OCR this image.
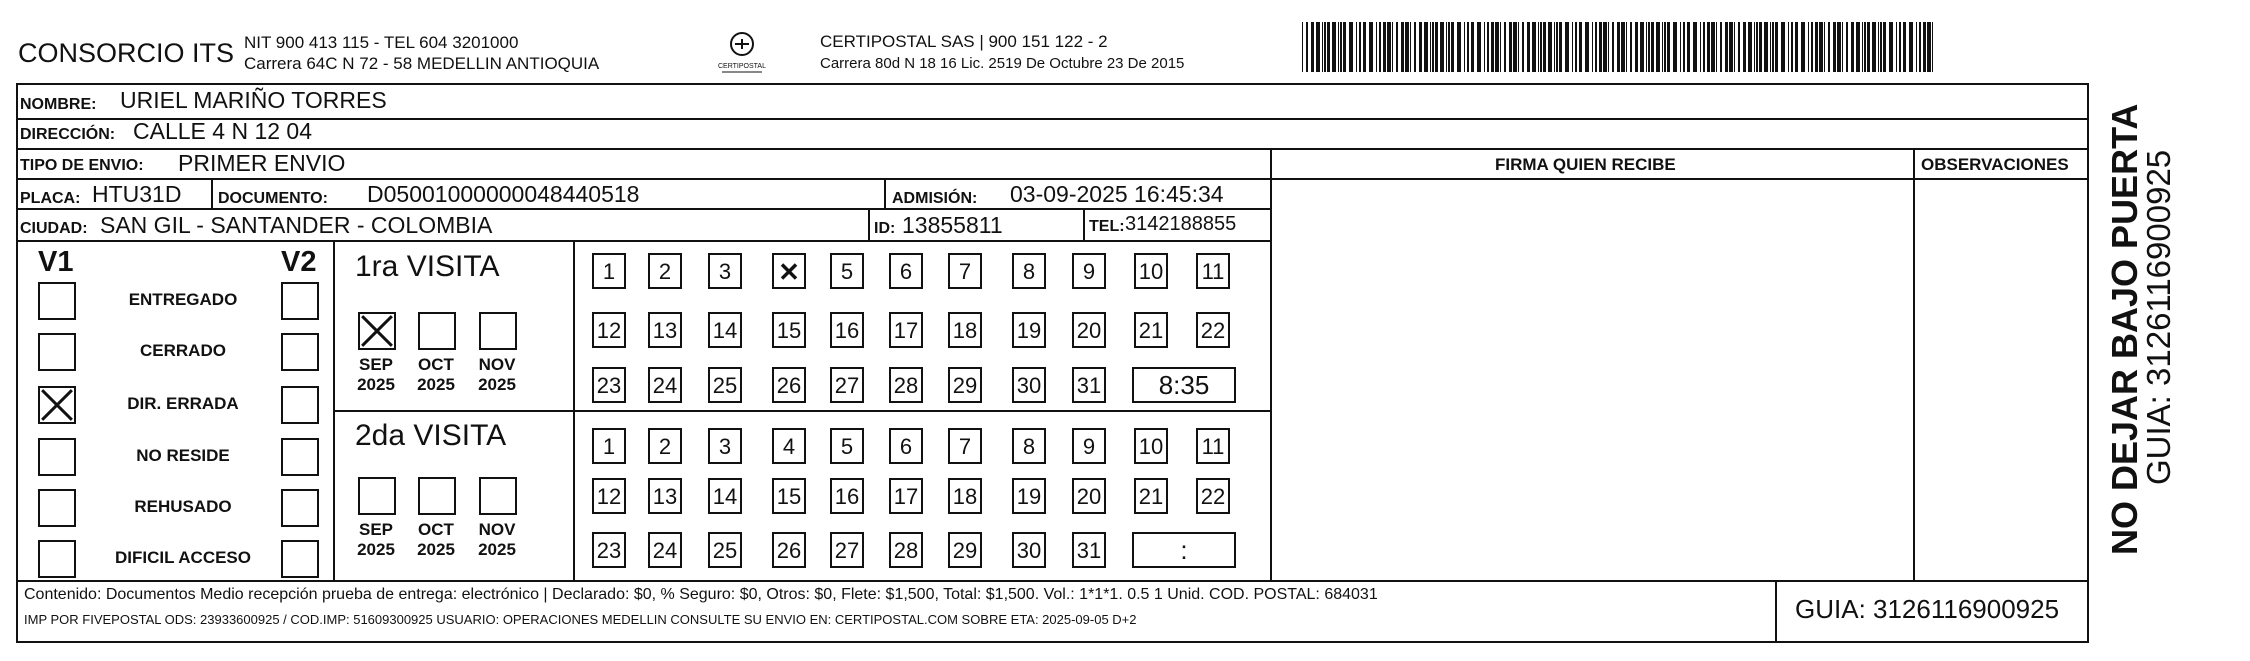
CONSORCIO ITS NIT 900 413 115 - TEL 604 3201000
Carrera 64C N 72 - 58 MEDELLIN ANTIOQUIA	CERTIPOSTAL
CERTIPOSTAL SAS | 900 151 122 - 2
Carrera 80d N 18 16 Lic. 2519 De Octubre 23 De 2015
NOMBRE: URIEL MARIÑO TORRES
DIRECCIÓN: CALLE 4 N 12 04
TIPO DE ENVIO: PRIMER ENVIO	FIRMA QUIEN RECIBE	OBSERVACIONES
PLACA: HTU31D DOCUMENTO: D05001000000048440518	ADMISIÓN: 03-09-2025 16:45:34
CIUDAD: SAN GIL - SANTANDER - COLOMBIA	ID: 13855811	TEL: 3142188855
V1	V2
ENTREGADO
CERRADO
DIR. ERRADA
NO RESIDE
REHUSADO
DIFICIL ACCESO
1ra VISITA
SEP
2025
OCT
2025
NOV
2025
1	2	3	✕	5	6	7	8	9	10 11
12 13 14 15 16 17 18 19 20 21 22
23 24 25 26 27 28 29 30 31	8:35
2da VISITA
SEP
2025
OCT
2025
NOV
2025
1	2	3	4	5	6	7	8	9	10 11
12 13 14 15 16 17 18 19 20 21 22
23 24 25 26 27 28 29 30 31	:
Contenido: Documentos Medio recepción prueba de entrega: electrónico | Declarado: $0, % Seguro: $0, Otros: $0, Flete: $1,500, Total: $1,500. Vol.: 1*1*1. 0.5 1 Unid. COD. POSTAL: 684031
IMP POR FIVEPOSTAL ODS: 23933600925 / COD.IMP: 51609300925 USUARIO: OPERACIONES MEDELLIN CONSULTE SU ENVIO EN: CERTIPOSTAL.COM SOBRE ETA: 2025-09-05 D+2	GUIA: 3126116900925
NO DEJAR BAJO PUERTA
GUIA: 3126116900925
